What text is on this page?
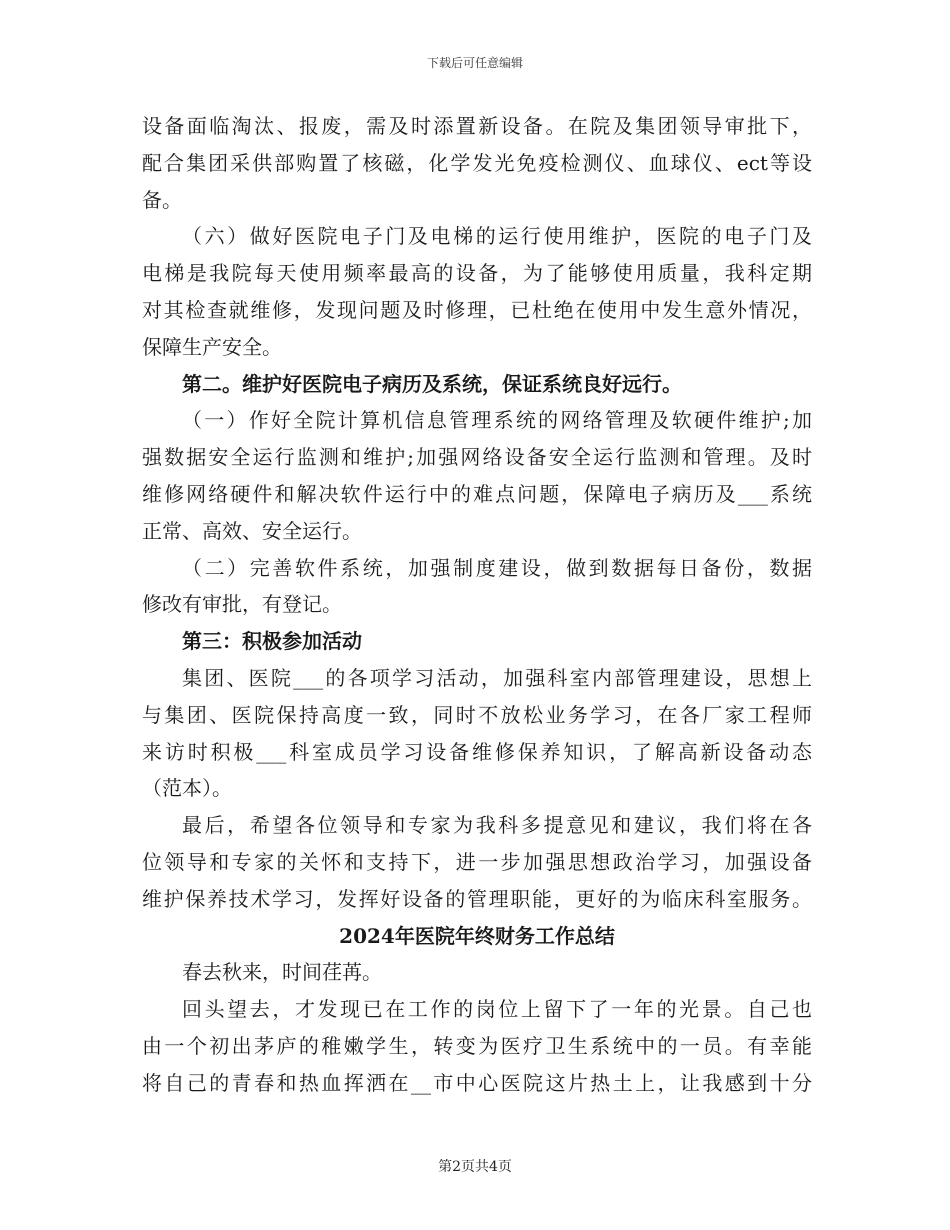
下载后可任意编辑
设备面临淘汰、报废，需及时添置新设备。在院及集团领导审批下，
配合集团采供部购置了核磁，化学发光免疫检测仪、血球仪、ect等设
备。
（六）做好医院电子门及电梯的运行使用维护，医院的电子门及
电梯是我院每天使用频率最高的设备，为了能够使用质量，我科定期
对其检查就维修，发现问题及时修理，已杜绝在使用中发生意外情况，
保障生产安全。
第二。维护好医院电子病历及系统，保证系统良好远行。
（一）作好全院计算机信息管理系统的网络管理及软硬件维护;加
强数据安全运行监测和维护;加强网络设备安全运行监测和管理。及时
维修网络硬件和解决软件运行中的难点问题，保障电子病历及___系统
正常、高效、安全运行。
（二）完善软件系统，加强制度建设，做到数据每日备份，数据
修改有审批，有登记。
第三：积极参加活动
集团、医院___的各项学习活动，加强科室内部管理建设，思想上
与集团、医院保持高度一致，同时不放松业务学习，在各厂家工程师
来访时积极___科室成员学习设备维修保养知识，了解高新设备动态
（范本）。
最后，希望各位领导和专家为我科多提意见和建议，我们将在各
位领导和专家的关怀和支持下，进一步加强思想政治学习，加强设备
维护保养技术学习，发挥好设备的管理职能，更好的为临床科室服务。
2024年医院年终财务工作总结
春去秋来，时间荏苒。
回头望去，才发现已在工作的岗位上留下了一年的光景。自己也
由一个初出茅庐的稚嫩学生，转变为医疗卫生系统中的一员。有幸能
将自己的青春和热血挥洒在__市中心医院这片热土上，让我感到十分
第2页共4页
